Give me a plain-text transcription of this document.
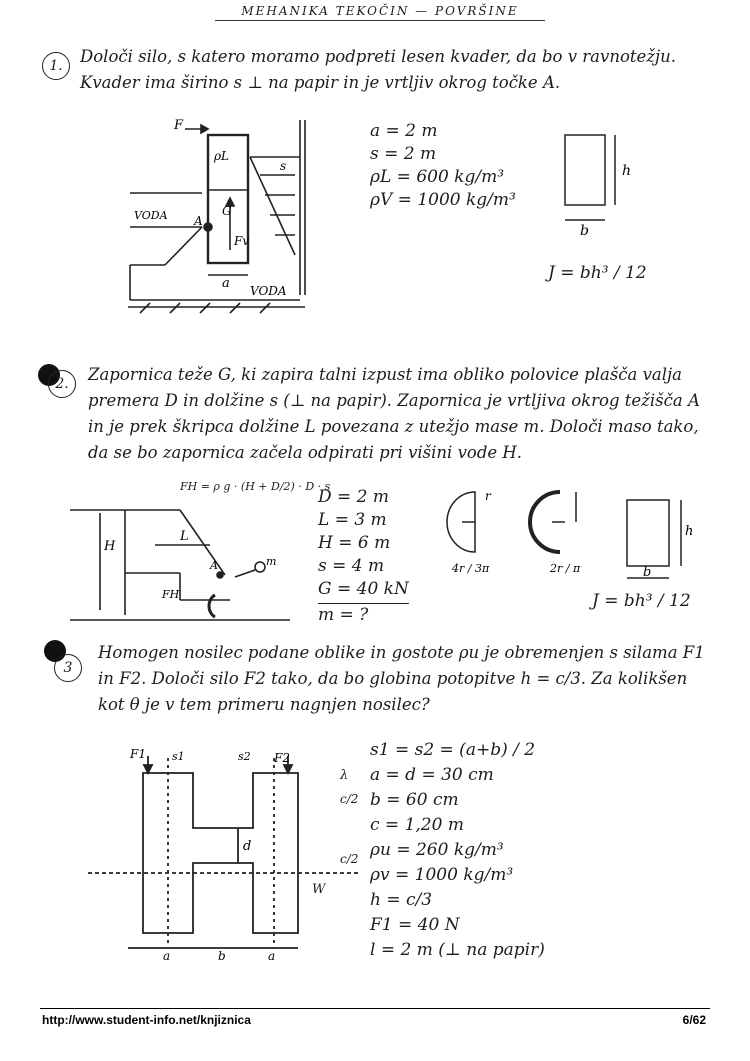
MEHANIKA TEKOČIN — POVRŠINE
1.	Določi silo, s katero moramo podpreti lesen kvader, da bo v ravnotežju. Kvader ima širino s ⊥ na papir in je vrtljiv okrog točke A.
F
VODA A
a VODA
ρL
G
Fv
s
a = 2 m
s = 2 m
ρL = 600 kg/m³
ρV = 1000 kg/m³
h
b
J = bh³ / 12
2.	Zapornica teže G, ki zapira talni izpust ima obliko polovice plašča valja premera D in dolžine s (⊥ na papir). Zapornica je vrtljiva okrog težišča A in je prek škripca dolžine L povezana z utežjo mase m. Določi maso tako, da se bo zapornica začela odpirati pri višini vode H.
FH = ρ g · (H + D/2) · D · s
H
L
A	m
FH
D = 2 m
L = 3 m
H = 6 m
s = 4 m
G = 40 kN
m = ?
r
4r / 3π	2r / π
h
b
J = bh³ / 12
3
Homogen nosilec podane oblike in gostote ρu je obremenjen s silama F1 in F2. Določi silo F2 tako, da bo globina potopitve h = c/3. Za kolikšen kot θ je v tem primeru nagnjen nosilec?
F1	F2
s1	s2
d
a	b	a
λ
c/2
c/2
W
s1 = s2 = (a+b) / 2
a = d = 30 cm
b = 60 cm
c = 1,20 m
ρu = 260 kg/m³
ρv = 1000 kg/m³
h = c/3
F1 = 40 N
l = 2 m (⊥ na papir)
http://www.student-info.net/knjiznica	6/62
